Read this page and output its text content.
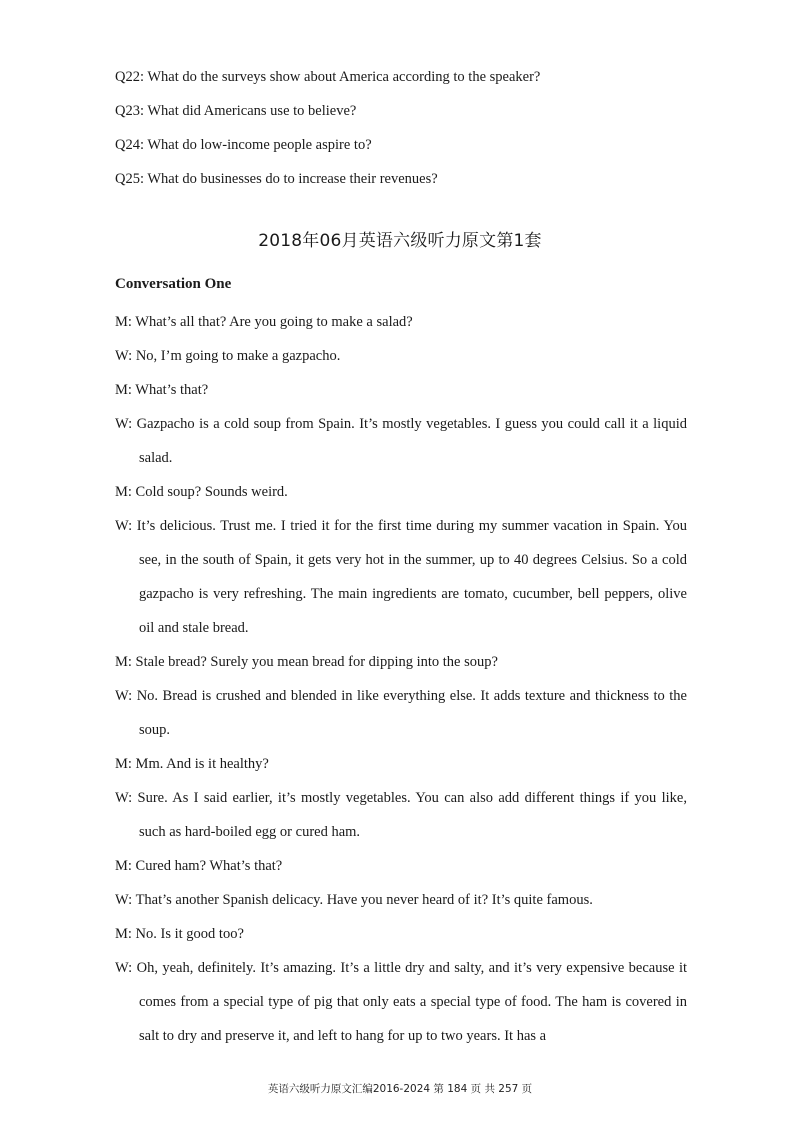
Q22: What do the surveys show about America according to the speaker?
Q23: What did Americans use to believe?
Q24: What do low-income people aspire to?
Q25: What do businesses do to increase their revenues?
2018年06月英语六级听力原文第1套
Conversation One
M: What’s all that? Are you going to make a salad?
W: No, I’m going to make a gazpacho.
M: What’s that?
W: Gazpacho is a cold soup from Spain. It’s mostly vegetables. I guess you could call it a liquid salad.
M: Cold soup? Sounds weird.
W: It’s delicious. Trust me. I tried it for the first time during my summer vacation in Spain. You see, in the south of Spain, it gets very hot in the summer, up to 40 degrees Celsius. So a cold gazpacho is very refreshing. The main ingredients are tomato, cucumber, bell peppers, olive oil and stale bread.
M: Stale bread? Surely you mean bread for dipping into the soup?
W: No. Bread is crushed and blended in like everything else. It adds texture and thickness to the soup.
M: Mm. And is it healthy?
W: Sure. As I said earlier, it’s mostly vegetables. You can also add different things if you like, such as hard-boiled egg or cured ham.
M: Cured ham? What’s that?
W: That’s another Spanish delicacy. Have you never heard of it? It’s quite famous.
M: No. Is it good too?
W: Oh, yeah, definitely. It’s amazing. It’s a little dry and salty, and it’s very expensive because it comes from a special type of pig that only eats a special type of food. The ham is covered in salt to dry and preserve it, and left to hang for up to two years. It has a
英语六级听力原文汇编2016-2024 第 184 页 共 257 页
